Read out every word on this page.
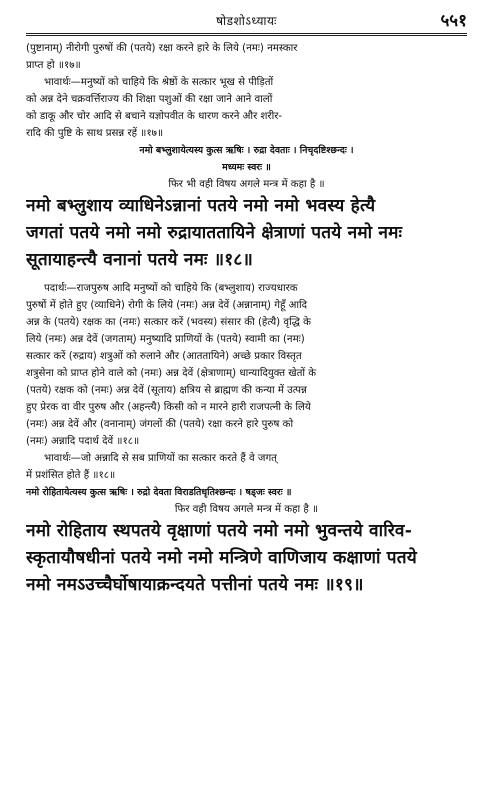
षोडशोऽध्यायः	५५१
(पुष्टानाम्) नीरोगी पुरुषों की (पतये) रक्षा करने हारे के लिये (नमः) नमस्कार
प्राप्त हो ॥१७॥
भावार्थः—मनुष्यों को चाहिये कि श्रेष्ठों के सत्कार भूख से पीड़ितों
को अन्न देने चक्रवर्त्तिराज्य की शिक्षा पशुओं की रक्षा जाने आने वालों
को डाकू और चोर आदि से बचाने यज्ञोपवीत के धारण करने और शरीर-
रादि की पुष्टि के साथ प्रसन्न रहें ॥१७॥
नमो बभ्लुशायेत्यस्य कुत्स ऋषिः । रुद्रा देवताः । निचृदष्टिश्छन्दः ।
मध्यमः स्वरः ॥
फिर भी वही विषय अगले मन्त्र में कहा है ॥
नमो बभ्लुशाय व्याधिनेऽन्नानां पतये नमो नमो भवस्य हेत्यै
जगतां पतये नमो नमो रुद्रायाततायिने क्षेत्राणां पतये नमो नमः
सूतायाहन्त्यै वनानां पतये नमः ॥१८॥
पदार्थः—राजपुरुष आदि मनुष्यों को चाहिये कि (बभ्लुशाय) राज्यधारक
पुरुषों में होते हुए (व्याधिने) रोगी के लिये (नमः) अन्न देवें (अन्नानाम्) गेहूँ आदि
अन्न के (पतये) रक्षक का (नमः) सत्कार करें (भवस्य) संसार की (हेत्यै) वृद्धि के
लिये (नमः) अन्न देवें (जगताम्) मनुष्यादि प्राणियों के (पतये) स्वामी का (नमः)
सत्कार करें (रुद्राय) शत्रुओं को रुलाने और (आततायिने) अच्छे प्रकार विस्तृत
शत्रुसेना को प्राप्त होने वाले को (नमः) अन्न देवें (क्षेत्राणाम्) धान्यादियुक्त खेतों के
(पतये) रक्षक को (नमः) अन्न देवें (सूताय) क्षत्रिय से ब्राह्मण की कन्या में उत्पन्न
हुए प्रेरक वा वीर पुरुष और (अहन्त्यै) किसी को न मारने हारी राजपत्नी के लिये
(नमः) अन्न देवें और (वनानाम्) जंगलों की (पतये) रक्षा करने हारे पुरुष को
(नमः) अन्नादि पदार्थ देवें ॥१८॥
भावार्थः—जो अन्नादि से सब प्राणियों का सत्कार करते हैं वे जगत्
में प्रशंसित होते हैं ॥१८॥
नमो रोहितायेत्यस्य कुत्स ऋषिः । रुद्रो देवता विराडतिधृतिश्छन्दः । षड्जः स्वरः ॥
फिर वही विषय अगले मन्त्र में कहा है ॥
नमो रोहिताय स्थपतये वृक्षाणां पतये नमो नमो भुवन्तये वारिव-
स्कृतायौषधीनां पतये नमो नमो मन्त्रिणे वाणिजाय कक्षाणां पतये
नमो नमऽउच्चैर्घोषायाक्रन्दयते पत्तीनां पतये नमः ॥१९॥
